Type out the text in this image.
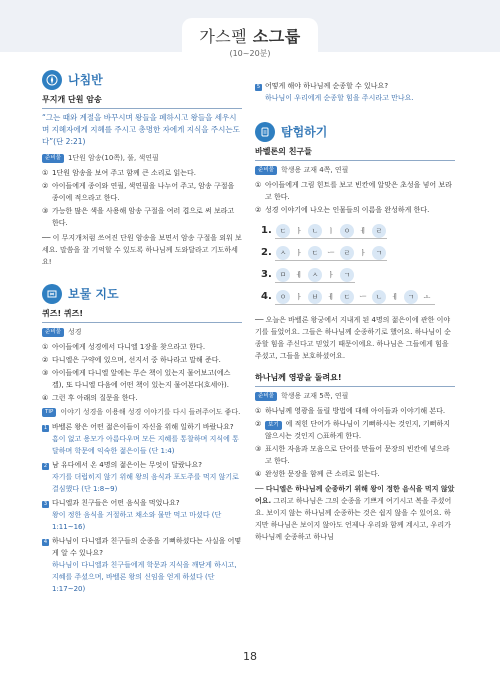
가스펠 소그룹
(10~20분)
나침반
무지개 단원 암송
“그는 때와 계절을 바꾸시며 왕들을 폐하시고 왕들을 세우시며 지혜자에게 지혜를 주시고 총명한 자에게 지식을 주시는도다”(단 2:21)
준비물	1단원 암송(10쪽), 풀, 색연필
① 1단원 암송을 보여 주고 함께 큰 소리로 읽는다.
② 아이들에게 종이와 연필, 색연필을 나누어 주고, 암송 구절을 종이에 적으라고 한다.
③ 가능한 많은 색을 사용해 암송 구절을 여러 겹으로 써 보라고 한다.
── 이 무지개처럼 쓰여진 단원 암송을 보면서 암송 구절을 외워 보세요. 말씀을 잘 기억할 수 있도록 하나님께 도와달라고 기도하세요!
보물 지도
퀴즈! 퀴즈!
준비물	성경
① 아이들에게 성경에서 다니엘 1장을 찾으라고 한다.
② 다니엘은 구약에 있으며, 선지서 중 하나라고 말해 준다.
③ 아이들에게 다니엘 앞에는 무슨 책이 있는지 물어보고(에스겔), 또 다니엘 다음에 어떤 책이 있는지 물어본다(호세아).
④ 그런 후 아래의 질문을 한다.
TIP	이야기 성경을 이용해 성경 이야기를 다시 들려주어도 좋다.
1 바벨론 왕은 어떤 젊은이들이 자신을 위해 일하기 바랐나요?
흠이 없고 용모가 아름다우며 모든 지혜를 통찰하며 지식에 통달하며 학문에 익숙한 젊은이들 (단 1:4)
2 남 유다에서 온 4명의 젊은이는 무엇이 달랐나요?
자기를 더럽히지 않기 위해 왕의 음식과 포도주를 먹지 않기로 결심했다 (단 1:8~9)
3 다니엘과 친구들은 어떤 음식을 먹었나요?
왕이 정한 음식을 거절하고 채소와 물만 먹고 마셨다 (단 1:11~16)
4 하나님이 다니엘과 친구들의 순종을 기뻐하셨다는 사실을 어떻게 알 수 있나요?
하나님이 다니엘과 친구들에게 학문과 지식을 깨닫게 하시고, 지혜를 주셨으며, 바벨론 왕의 신임을 얻게 하셨다 (단 1:17~20)
5 어떻게 해야 하나님께 순종할 수 있나요?
하나님이 우리에게 순종할 힘을 주시라고 만나요.
탐험하기
바벨론의 친구들
준비물	학생용 교재 4쪽, 연필
① 아이들에게 그림 힌트를 보고 빈칸에 알맞은 초성을 넣어 보라고 한다.
② 성경 이야기에 나오는 인물들의 이름을 완성하게 한다.
1.	ㄷ	ㅏ	ㄴ	ㅣ	ㅇ	ㅔ	ㄹ
2.	ㅅ	ㅏ	ㄷ	ㅡ	ㄹ	ㅏ	ㄱ
3.	ㅁ	ㅔ	ㅅ	ㅏ	ㄱ
4.	ㅇ	ㅏ	ㅂ	ㅔ	ㄷ	ㅡ	ㄴ	ㅔ	ㄱ	ㅗ
── 오늘은 바벨론 왕궁에서 지내게 된 4명의 젊은이에 관한 이야기를 들었어요. 그들은 하나님께 순종하기로 했어요. 하나님이 순종할 힘을 주신다고 믿었기 때문이에요. 하나님은 그들에게 힘을 주셨고, 그들을 보호하셨어요.
하나님께 영광을 돌려요!
준비물	학생용 교재 5쪽, 연필
① 하나님께 영광을 돌릴 방법에 대해 아이들과 이야기해 본다.
②	보기 에 적힌 단어가 하나님이 기뻐하시는 것인지, 기뻐하지 않으시는 것인지 ○표하게 한다.
③ 표시한 자음과 모음으로 단어를 만들어 문장의 빈칸에 넣으라고 한다.
④ 완성한 문장을 함께 큰 소리로 읽는다.
── 다니엘은 하나님께 순종하기 위해 왕이 정한 음식을 먹지 않았어요. 그리고 하나님은 그의 순종을 기쁘게 여기시고 복을 주셨어요. 보이지 않는 하나님께 순종하는 것은 쉽지 않을 수 있어요. 하지만 하나님은 보이지 않아도 언제나 우리와 함께 계시고, 우리가 하나님께 순종하고 하나님
18
